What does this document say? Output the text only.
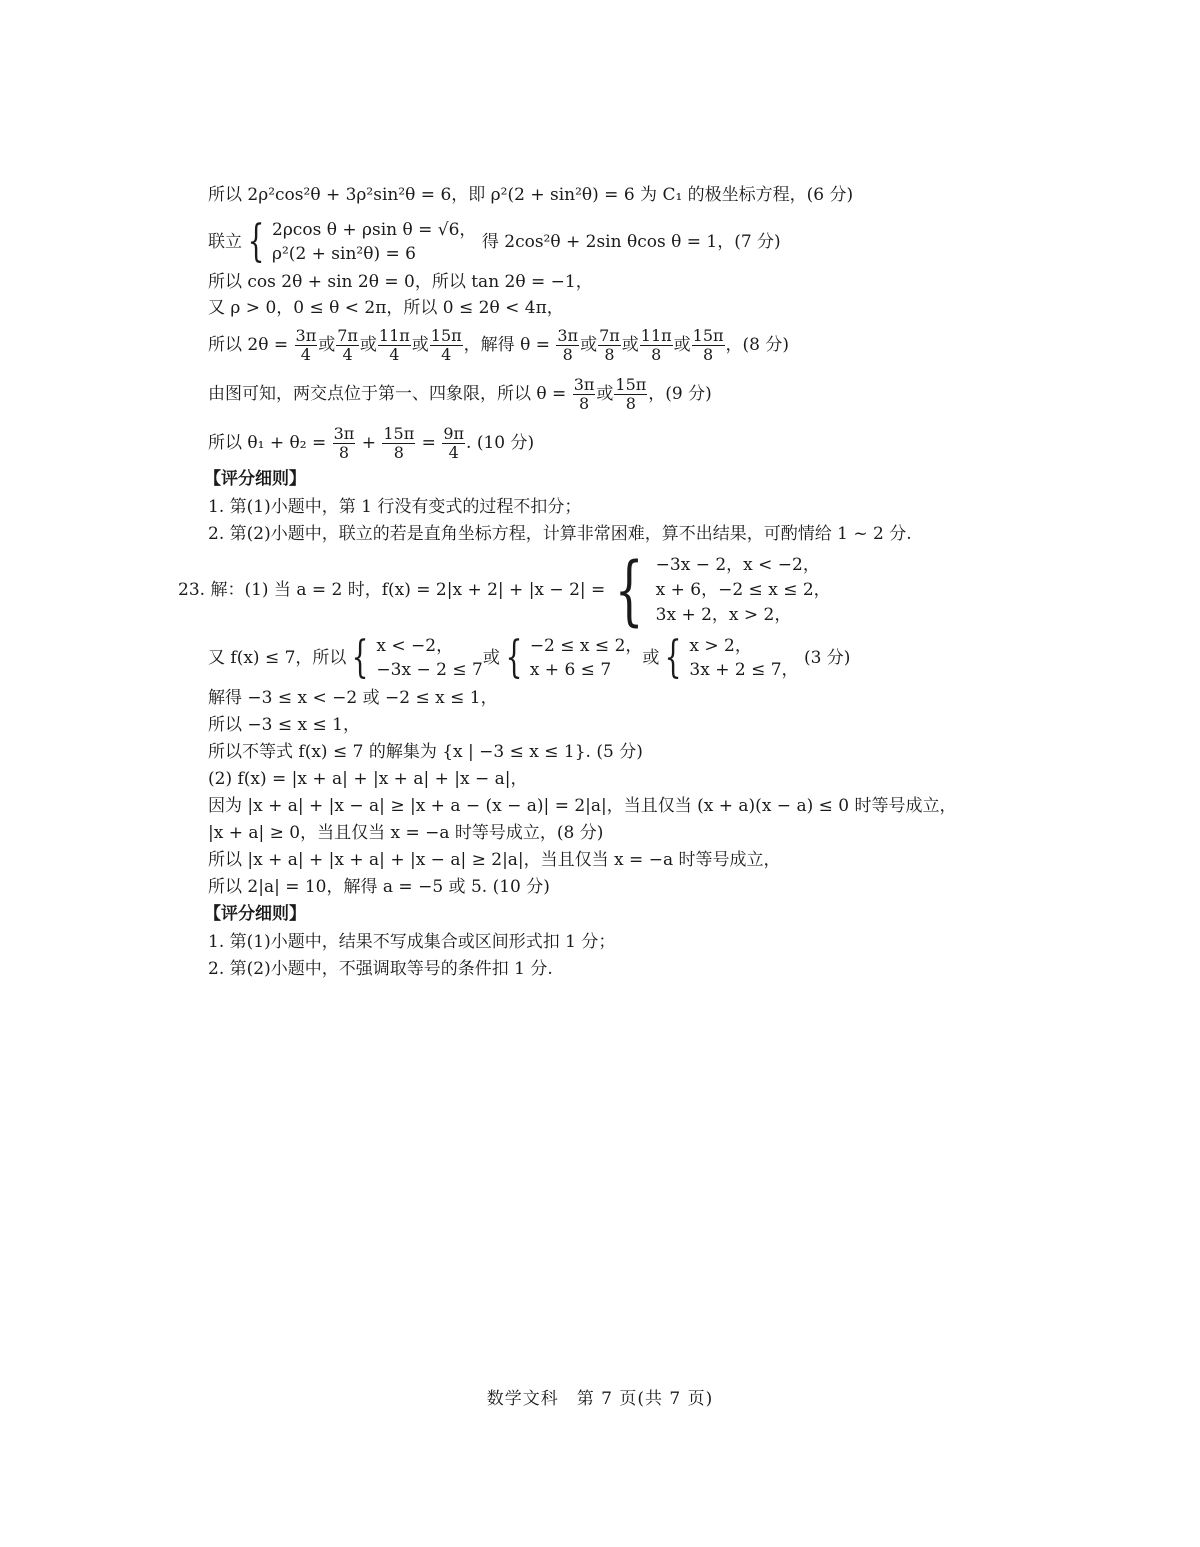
所以 2ρ²cos²θ + 3ρ²sin²θ = 6，即 ρ²(2 + sin²θ) = 6 为 C₁ 的极坐标方程，(6 分)
联立 { 2ρcos θ + ρsin θ = √6，
ρ²(2 + sin²θ) = 6
得 2cos²θ + 2sin θcos θ = 1，(7 分)
所以 cos 2θ + sin 2θ = 0，所以 tan 2θ = −1，
又 ρ > 0，0 ≤ θ < 2π，所以 0 ≤ 2θ < 4π，
所以 $2\theta = \frac{3\pi}{4}$ 或 $\frac{7\pi}{4}$ 或 $\frac{11\pi}{4}$ 或 $\frac{15\pi}{4}$ ，解得 $\theta = \frac{3\pi}{8}$ 或 $\frac{7\pi}{8}$ 或 $\frac{11\pi}{8}$ 或 $\frac{15\pi}{8}$ ，(8 分)
由图可知，两交点位于第一、四象限，所以 $\theta = \frac{3\pi}{8}$ 或 $\frac{15\pi}{8}$ ，(9 分)
所以 $\theta_1 + \theta_2 = \frac{3\pi}{8} + \frac{15\pi}{8} = \frac{9\pi}{4}$ . (10 分)
【评分细则】
1. 第(1)小题中，第 1 行没有变式的过程不扣分；
2. 第(2)小题中，联立的若是直角坐标方程，计算非常困难，算不出结果，可酌情给 1 ~ 2 分.
23. 解：(1) 当 a = 2 时，f(x) = 2|x + 2| + |x − 2| = { −3x − 2，x < −2，
x + 6，−2 ≤ x ≤ 2，
3x + 2，x > 2，
又 f(x) ≤ 7，所以 { x < −2，
−3x − 2 ≤ 7
或 { −2 ≤ x ≤ 2，
x + 6 ≤ 7
或 { x > 2，
3x + 2 ≤ 7，
(3 分)
解得 −3 ≤ x < −2 或 −2 ≤ x ≤ 1，
所以 −3 ≤ x ≤ 1，
所以不等式 f(x) ≤ 7 的解集为 {x | −3 ≤ x ≤ 1}. (5 分)
(2) f(x) = |x + a| + |x + a| + |x − a|，
因为 |x + a| + |x − a| ≥ |x + a − (x − a)| = 2|a|，当且仅当 (x + a)(x − a) ≤ 0 时等号成立，
|x + a| ≥ 0，当且仅当 x = −a 时等号成立，(8 分)
所以 |x + a| + |x + a| + |x − a| ≥ 2|a|，当且仅当 x = −a 时等号成立，
所以 2|a| = 10，解得 a = −5 或 5. (10 分)
【评分细则】
1. 第(1)小题中，结果不写成集合或区间形式扣 1 分；
2. 第(2)小题中，不强调取等号的条件扣 1 分.
数学文科　第 7 页(共 7 页)
